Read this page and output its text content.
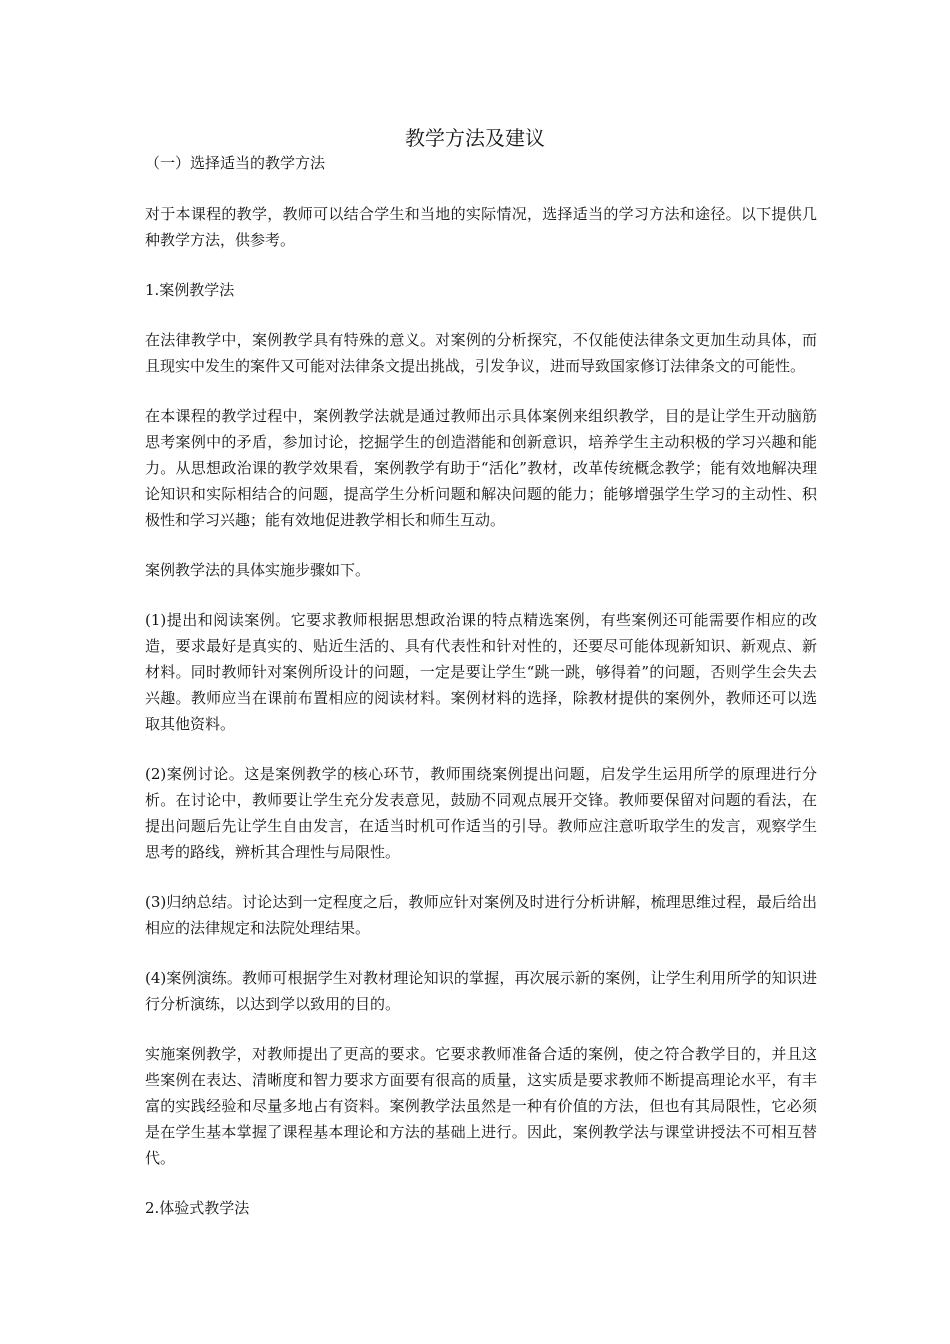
教学方法及建议
（一）选择适当的教学方法

对于本课程的教学，教师可以结合学生和当地的实际情况，选择适当的学习方法和途径。以下提供几种教学方法，供参考。

1.案例教学法

在法律教学中，案例教学具有特殊的意义。对案例的分析探究，不仅能使法律条文更加生动具体，而且现实中发生的案件又可能对法律条文提出挑战，引发争议，进而导致国家修订法律条文的可能性。

在本课程的教学过程中，案例教学法就是通过教师出示具体案例来组织教学，目的是让学生开动脑筋思考案例中的矛盾，参加讨论，挖掘学生的创造潜能和创新意识，培养学生主动积极的学习兴趣和能力。从思想政治课的教学效果看，案例教学有助于“活化”教材，改革传统概念教学；能有效地解决理论知识和实际相结合的问题，提高学生分析问题和解决问题的能力；能够增强学生学习的主动性、积极性和学习兴趣；能有效地促进教学相长和师生互动。

案例教学法的具体实施步骤如下。

(1)提出和阅读案例。它要求教师根据思想政治课的特点精选案例，有些案例还可能需要作相应的改造，要求最好是真实的、贴近生活的、具有代表性和针对性的，还要尽可能体现新知识、新观点、新材料。同时教师针对案例所设计的问题，一定是要让学生“跳一跳，够得着”的问题，否则学生会失去兴趣。教师应当在课前布置相应的阅读材料。案例材料的选择，除教材提供的案例外，教师还可以选取其他资料。

(2)案例讨论。这是案例教学的核心环节，教师围绕案例提出问题，启发学生运用所学的原理进行分析。在讨论中，教师要让学生充分发表意见，鼓励不同观点展开交锋。教师要保留对问题的看法，在提出问题后先让学生自由发言，在适当时机可作适当的引导。教师应注意听取学生的发言，观察学生思考的路线，辨析其合理性与局限性。

(3)归纳总结。讨论达到一定程度之后，教师应针对案例及时进行分析讲解，梳理思维过程，最后给出相应的法律规定和法院处理结果。

(4)案例演练。教师可根据学生对教材理论知识的掌握，再次展示新的案例，让学生利用所学的知识进行分析演练，以达到学以致用的目的。

实施案例教学，对教师提出了更高的要求。它要求教师准备合适的案例，使之符合教学目的，并且这些案例在表达、清晰度和智力要求方面要有很高的质量，这实质是要求教师不断提高理论水平，有丰富的实践经验和尽量多地占有资料。案例教学法虽然是一种有价值的方法，但也有其局限性，它必须是在学生基本掌握了课程基本理论和方法的基础上进行。因此，案例教学法与课堂讲授法不可相互替代。

2.体验式教学法
